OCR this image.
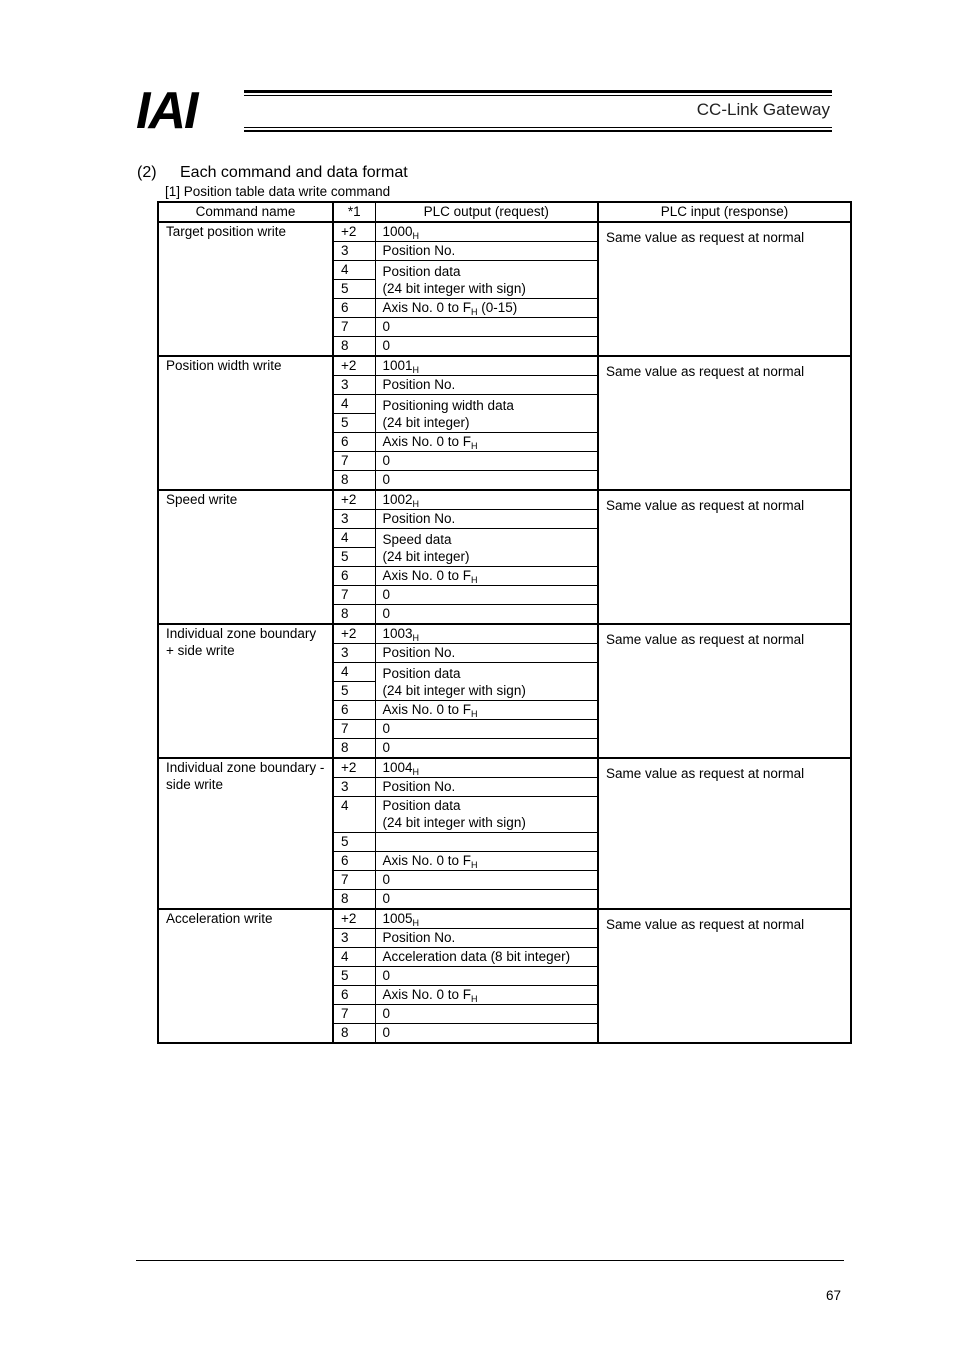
IAI	CC-Link Gateway
(2) Each command and data format
[1] Position table data write command
Command name	*1	PLC output (request)	PLC input (response)
Target position write	+2	$1000_H$	Same value as request at normal
	3	Position No.	
	4	Position data
(24 bit integer with sign)	

	5		
	6	Axis No. 0 to $F_H$ (0-15)	
	7	0	
	8	0	
Position width write	+2	$1001_H$	Same value as request at normal
	3	Position No.	
	4	Positioning width data
(24 bit integer)	

	5		
	6	Axis No. 0 to $F_H$
	7	0	
	8	0	
Speed write	+2	$1002_H$	Same value as request at normal
	3	Position No.	
	4	Speed data
(24 bit integer)	

	5		
	6	Axis No. 0 to $F_H$
	7	0	
	8	0	
Individual zone boundary + side write	+2	$1003_H$	Same value as request at normal
	3	Position No.	
	4	Position data
(24 bit integer with sign)	

	5		
	6	Axis No. 0 to $F_H$
	7	0	
	8	0	
Individual zone boundary - side write	+2	$1004_H$	Same value as request at normal
	3	Position No.	
	4	Position data
(24 bit integer with sign)	

	5		
	6	Axis No. 0 to $F_H$
	7	0	
	8	0	
Acceleration write	+2	$1005_H$	Same value as request at normal
	3	Position No.	
	4	Acceleration data (8 bit integer)	
	5	0	
	6	Axis No. 0 to $F_H$
	7	0	
	8	0	
67
